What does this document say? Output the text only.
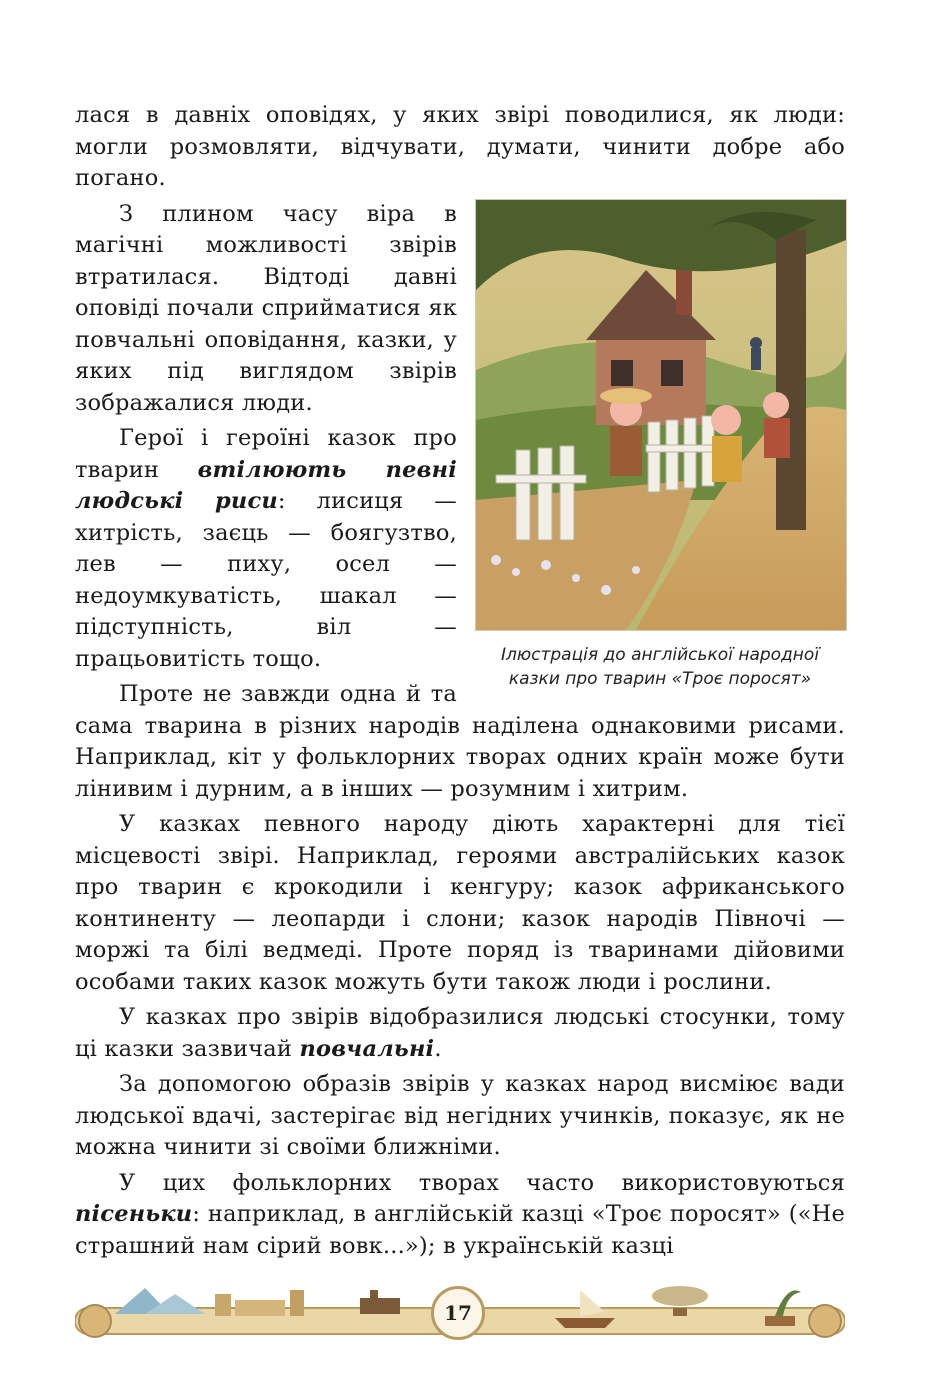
лася в давніх оповідях, у яких звірі поводилися, як люди: могли розмовляти, відчувати, думати, чинити добре або погано.

Ілюстрація до англійської народної
казки про тварин «Троє поросят»

З плином часу віра в магічні можливості звірів втратилася. Відтоді давні оповіді почали сприйматися як повчальні оповідання, казки, у яких під виглядом звірів зображалися люди.

Герої і героїні казок про тварин втілюють певні людські риси: лисиця — хитрість, заєць — боягузтво, лев — пиху, осел — недоумкуватість, шакал — підступність, віл — працьовитість тощо.

Проте не завжди одна й та сама тварина в різних народів наділена однаковими рисами. Наприклад, кіт у фольклорних творах одних країн може бути лінивим і дурним, а в інших — розумним і хитрим.

У казках певного народу діють характерні для тієї місцевості звірі. Наприклад, героями австралійських казок про тварин є крокодили і кенгуру; казок африканського континенту — леопарди і слони; казок народів Півночі — моржі та білі ведмеді. Проте поряд із тваринами дійовими особами таких казок можуть бути також люди і рослини.

У казках про звірів відобразилися людські стосунки, тому ці казки зазвичай повчальні.

За допомогою образів звірів у казках народ висміює вади людської вдачі, застерігає від негідних учинків, показує, як не можна чинити зі своїми ближніми.

У цих фольклорних творах часто використовуються пісеньки: наприклад, в англійській казці «Троє поросят» («Не страшний нам сірий вовк...»); в українській казці

17
